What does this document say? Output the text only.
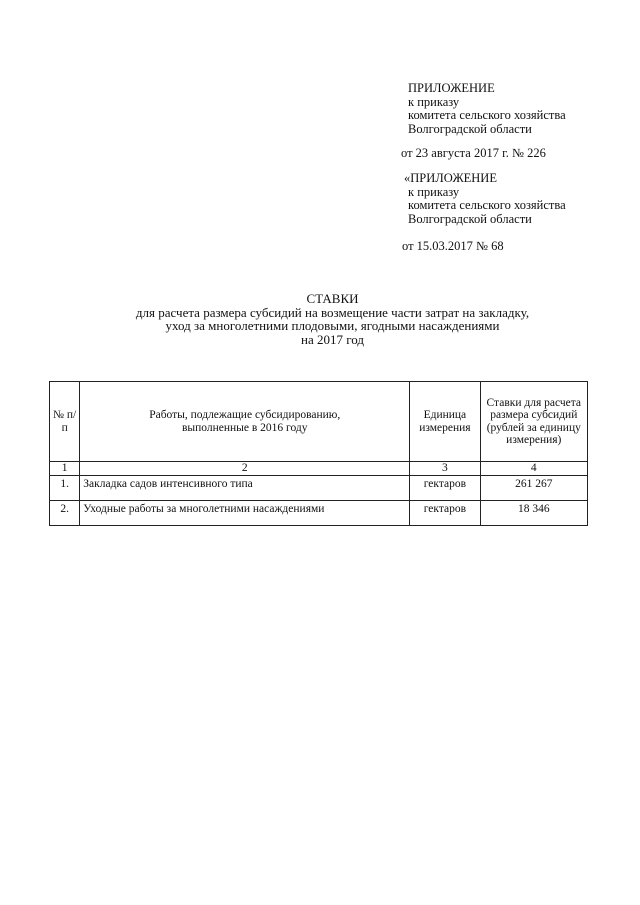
ПРИЛОЖЕНИЕ
к приказу
комитета сельского хозяйства
Волгоградской области
от 23 августа 2017 г. № 226
«ПРИЛОЖЕНИЕ
к приказу
комитета сельского хозяйства
Волгоградской области
от 15.03.2017 № 68
СТАВКИ
для расчета размера субсидий на возмещение части затрат на закладку,
уход за многолетними плодовыми, ягодными насаждениями
на 2017 год
№ п/п	Работы, подлежащие субсидированию, выполненные в 2016 году	Единица измерения	Ставки для расчета размера субсидий (рублей за единицу измерения)
1	2	3	4
1.	Закладка садов интенсивного типа	гектаров	261 267
2.	Уходные работы за многолетними насаждениями	гектаров	18 346
